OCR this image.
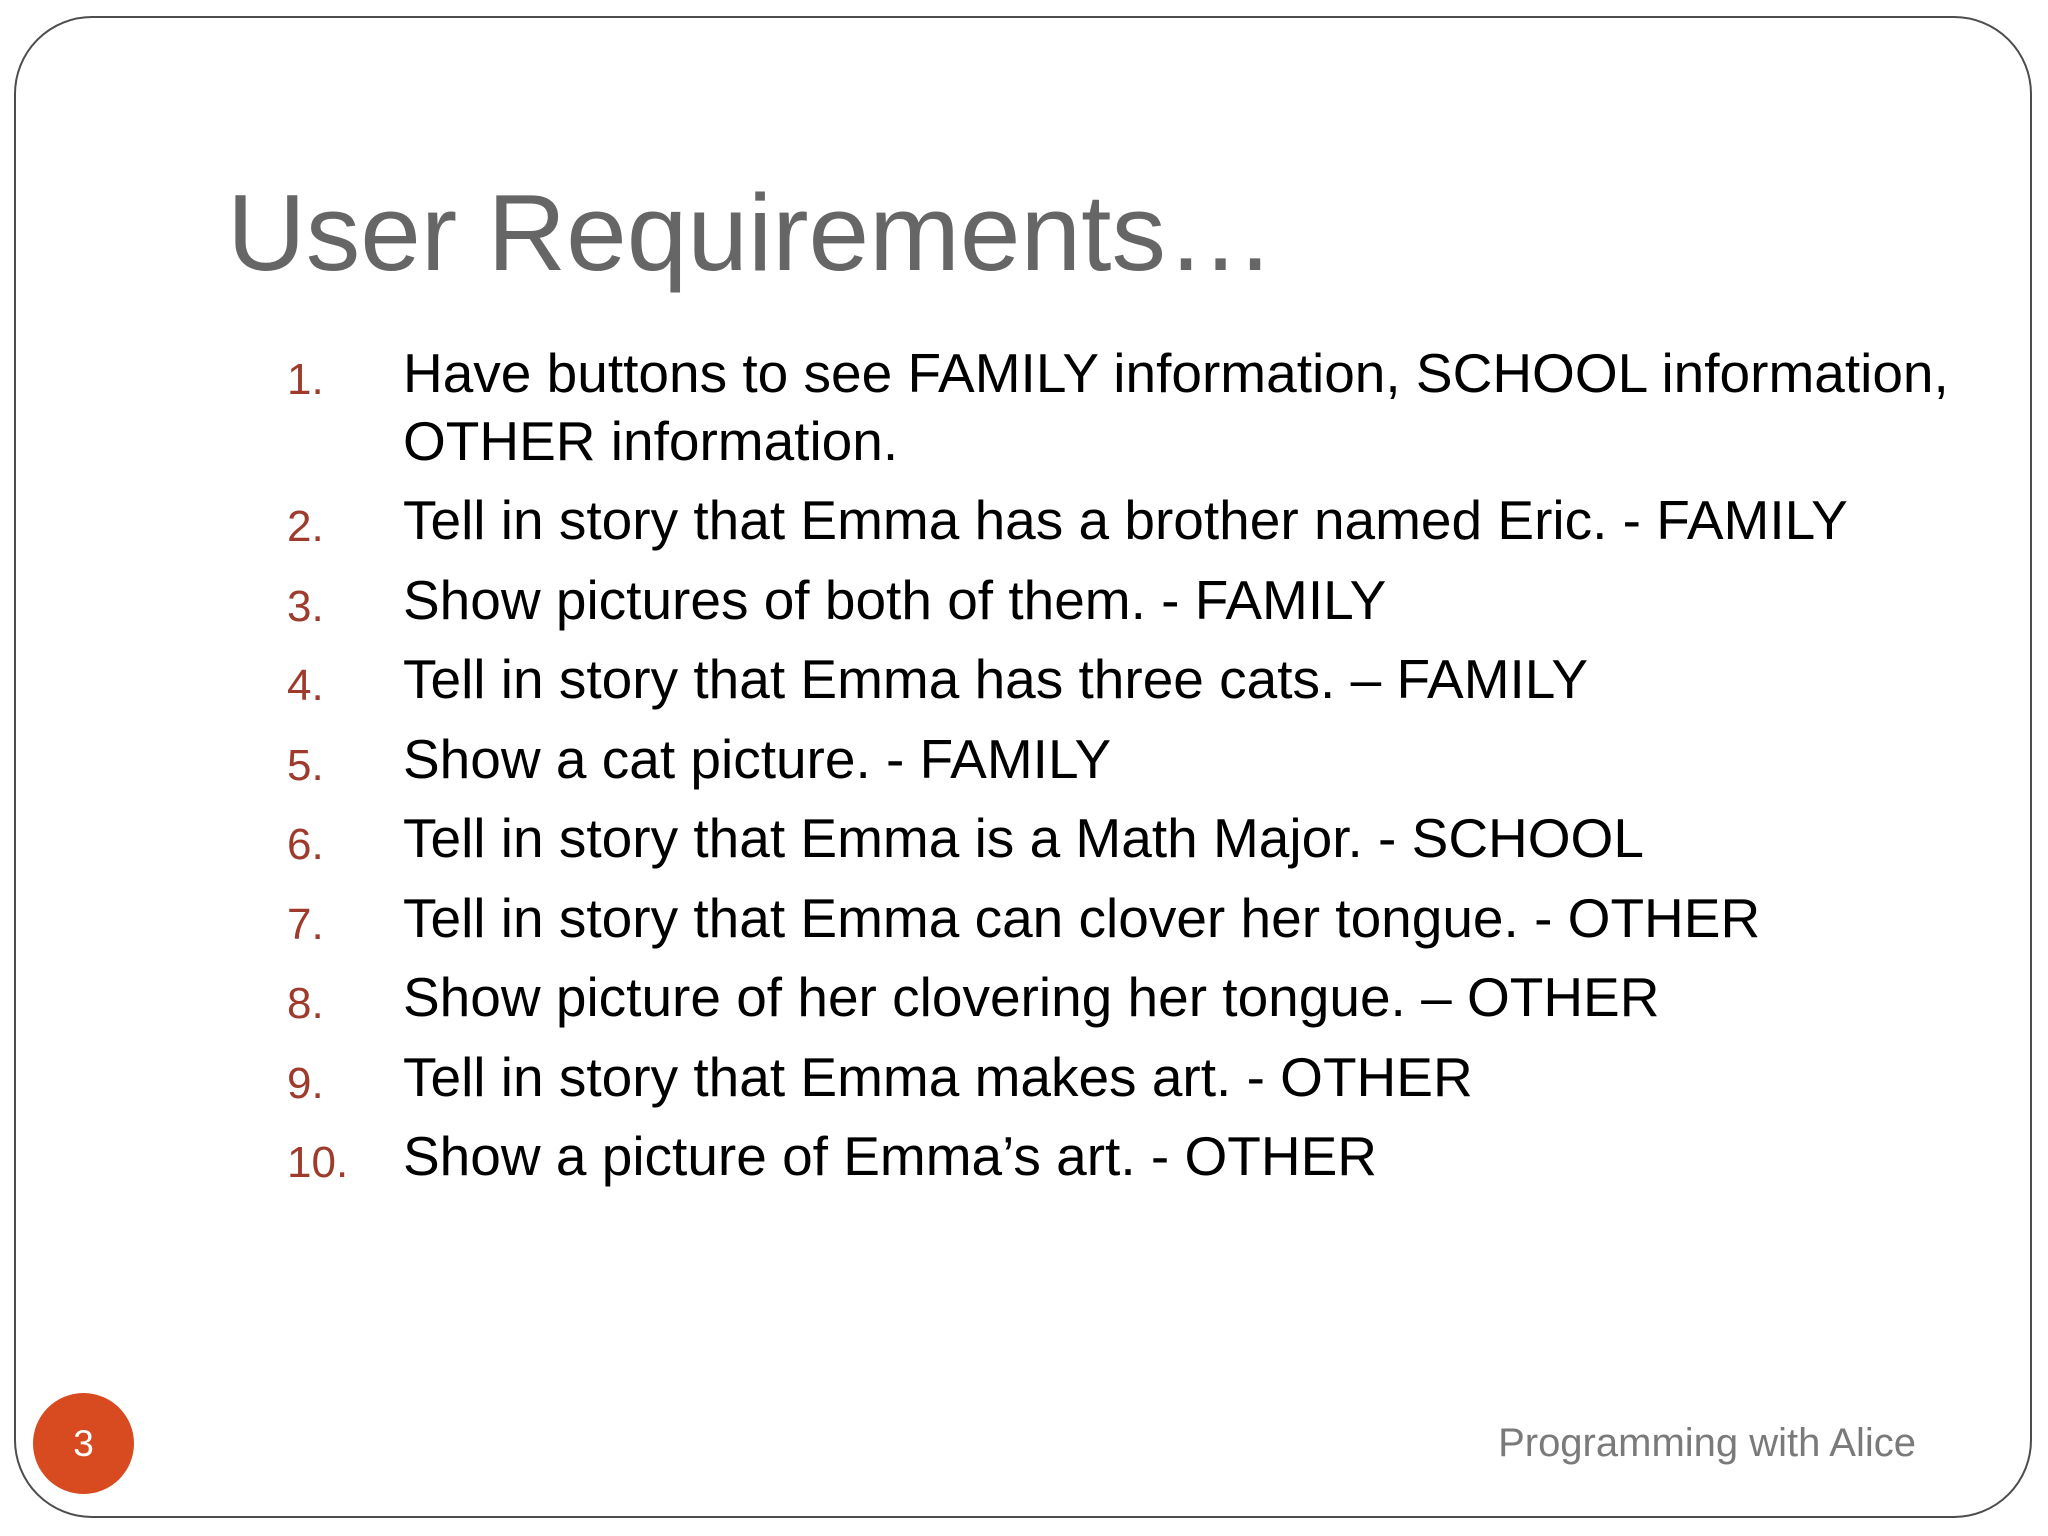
User Requirements…
1. Have buttons to see FAMILY information, SCHOOL information, OTHER information.
2. Tell in story that Emma has a brother named Eric. - FAMILY
3. Show pictures of both of them. - FAMILY
4. Tell in story that Emma has three cats. – FAMILY
5. Show a cat picture. - FAMILY
6. Tell in story that Emma is a Math Major. - SCHOOL
7. Tell in story that Emma can clover her tongue. - OTHER
8. Show picture of her clovering her tongue. – OTHER
9. Tell in story that Emma makes art. - OTHER
10. Show a picture of Emma’s art. - OTHER
3	Programming with Alice
